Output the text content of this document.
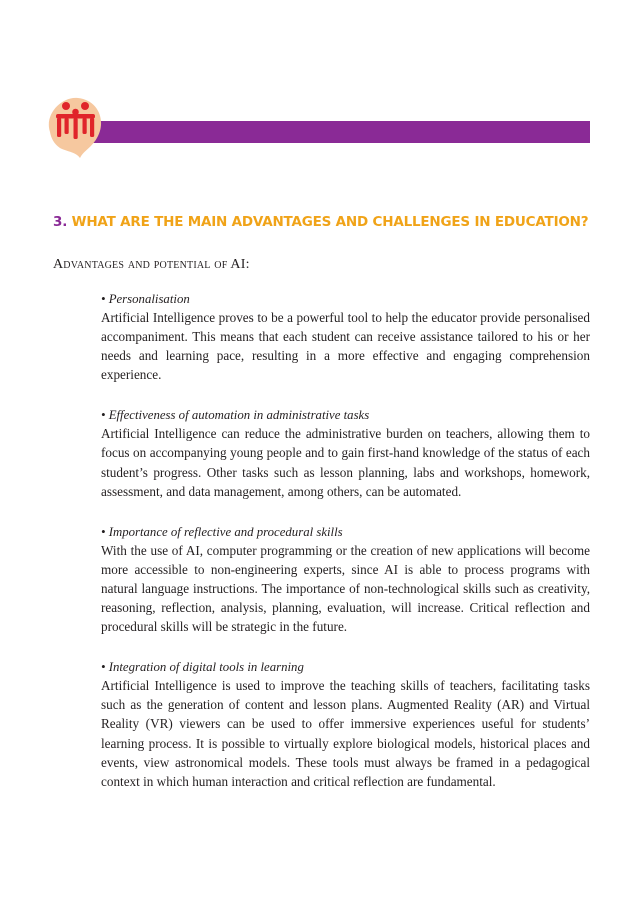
3. WHAT ARE THE MAIN ADVANTAGES AND CHALLENGES IN EDUCATION?

Advantages and potential of AI:

• Personalisation

Artificial Intelligence proves to be a powerful tool to help the educator provide personalised accompaniment. This means that each student can receive assistance tailored to his or her needs and learning pace, resulting in a more effective and engaging comprehension experience.

• Effectiveness of automation in administrative tasks

Artificial Intelligence can reduce the administrative burden on teachers, allowing them to focus on accompanying young people and to gain first-hand knowledge of the status of each student’s progress. Other tasks such as lesson planning, labs and workshops, homework, assessment, and data management, among others, can be automated.

• Importance of reflective and procedural skills

With the use of AI, computer programming or the creation of new applications will become more accessible to non-engineering experts, since AI is able to process programs with natural language instructions. The importance of non-technological skills such as creativity, reasoning, reflection, analysis, planning, evaluation, will increase. Critical reflection and procedural skills will be strategic in the future.

• Integration of digital tools in learning

Artificial Intelligence is used to improve the teaching skills of teachers, facilitating tasks such as the generation of content and lesson plans. Augmented Reality (AR) and Virtual Reality (VR) viewers can be used to offer immersive experiences useful for students’ learning process. It is possible to virtually explore biological models, historical places and events, view astronomical models. These tools must always be framed in a pedagogical context in which human interaction and critical reflection are fundamental.
